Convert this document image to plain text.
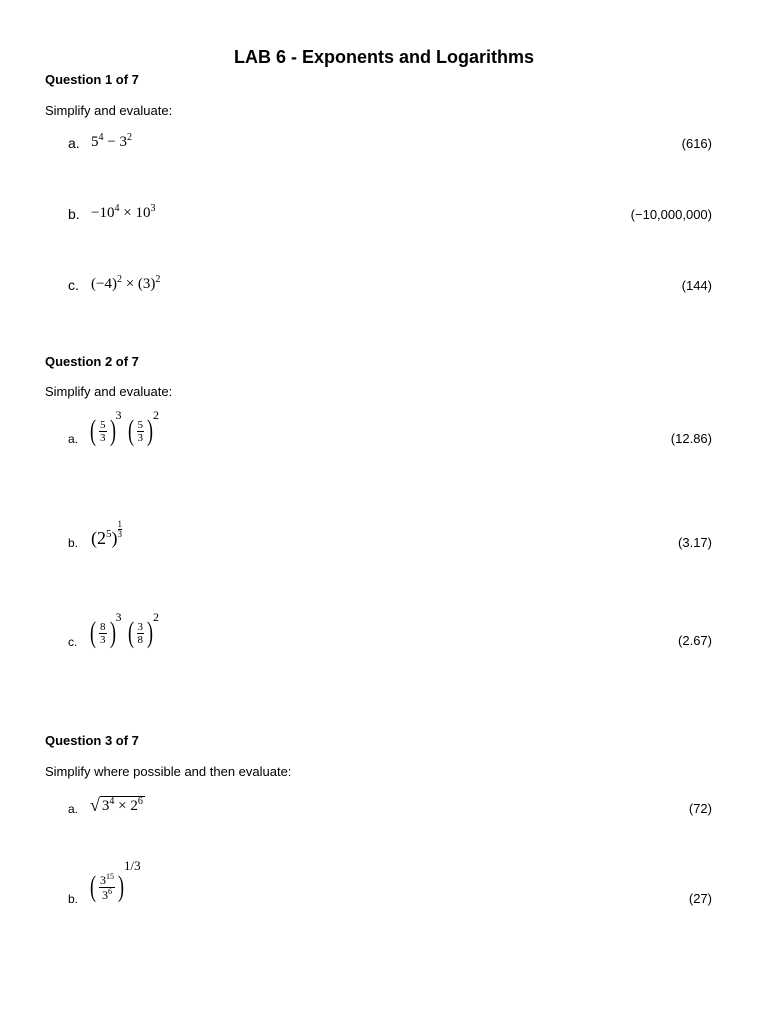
LAB 6 - Exponents and Logarithms
Question 1 of 7
Simplify and evaluate:
a. $5^4 - 3^2$	(616)
b. $-10^4 \times 10^3$	(−10,000,000)
c. $(-4)^2 \times (3)^2$	(144)
Question 2 of 7
Simplify and evaluate:
a. ( $\frac{5}{3}$ ) $^3$ ( $\frac{5}{3}$ ) $^2$
(12.86)
b. $(2^5) \frac{1}{3}$
(3.17)
c. ( $\frac{8}{3}$ ) $^3$ ( $\frac{3}{8}$ ) $^2$
(2.67)
Question 3 of 7
Simplify where possible and then evaluate:
a. √ $3^4 \times 2^6$	(72)
b. ( $\frac{3^{15}}{3^6}$ )
1/3
(27)
